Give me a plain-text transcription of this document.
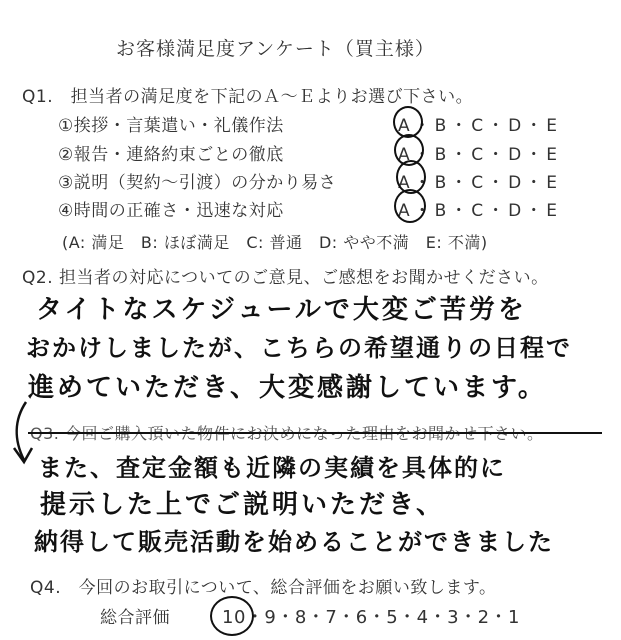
お客様満足度アンケート（買主様）
Q1.　担当者の満足度を下記のＡ～Ｅよりお選び下さい。
①挨拶・言葉遣い・礼儀作法	A・B・C・D・E
②報告・連絡約束ごとの徹底	A・B・C・D・E
③説明（契約～引渡）の分かり易さ	A・B・C・D・E
④時間の正確さ・迅速な対応	A・B・C・D・E
(A: 満足　B: ほぼ満足　C: 普通　D: やや不満　E: 不満)
Q2. 担当者の対応についてのご意見、ご感想をお聞かせください。
タイトなスケジュールで大変ご苦労を
おかけしましたが、こちらの希望通りの日程で
進めていただき、大変感謝しています。
また、査定金額も近隣の実績を具体的に
提示した上でご説明いただき、
納得して販売活動を始めることができました
Q4.　今回のお取引について、総合評価をお願い致します。
総合評価	10・9・8・7・6・5・4・3・2・1
